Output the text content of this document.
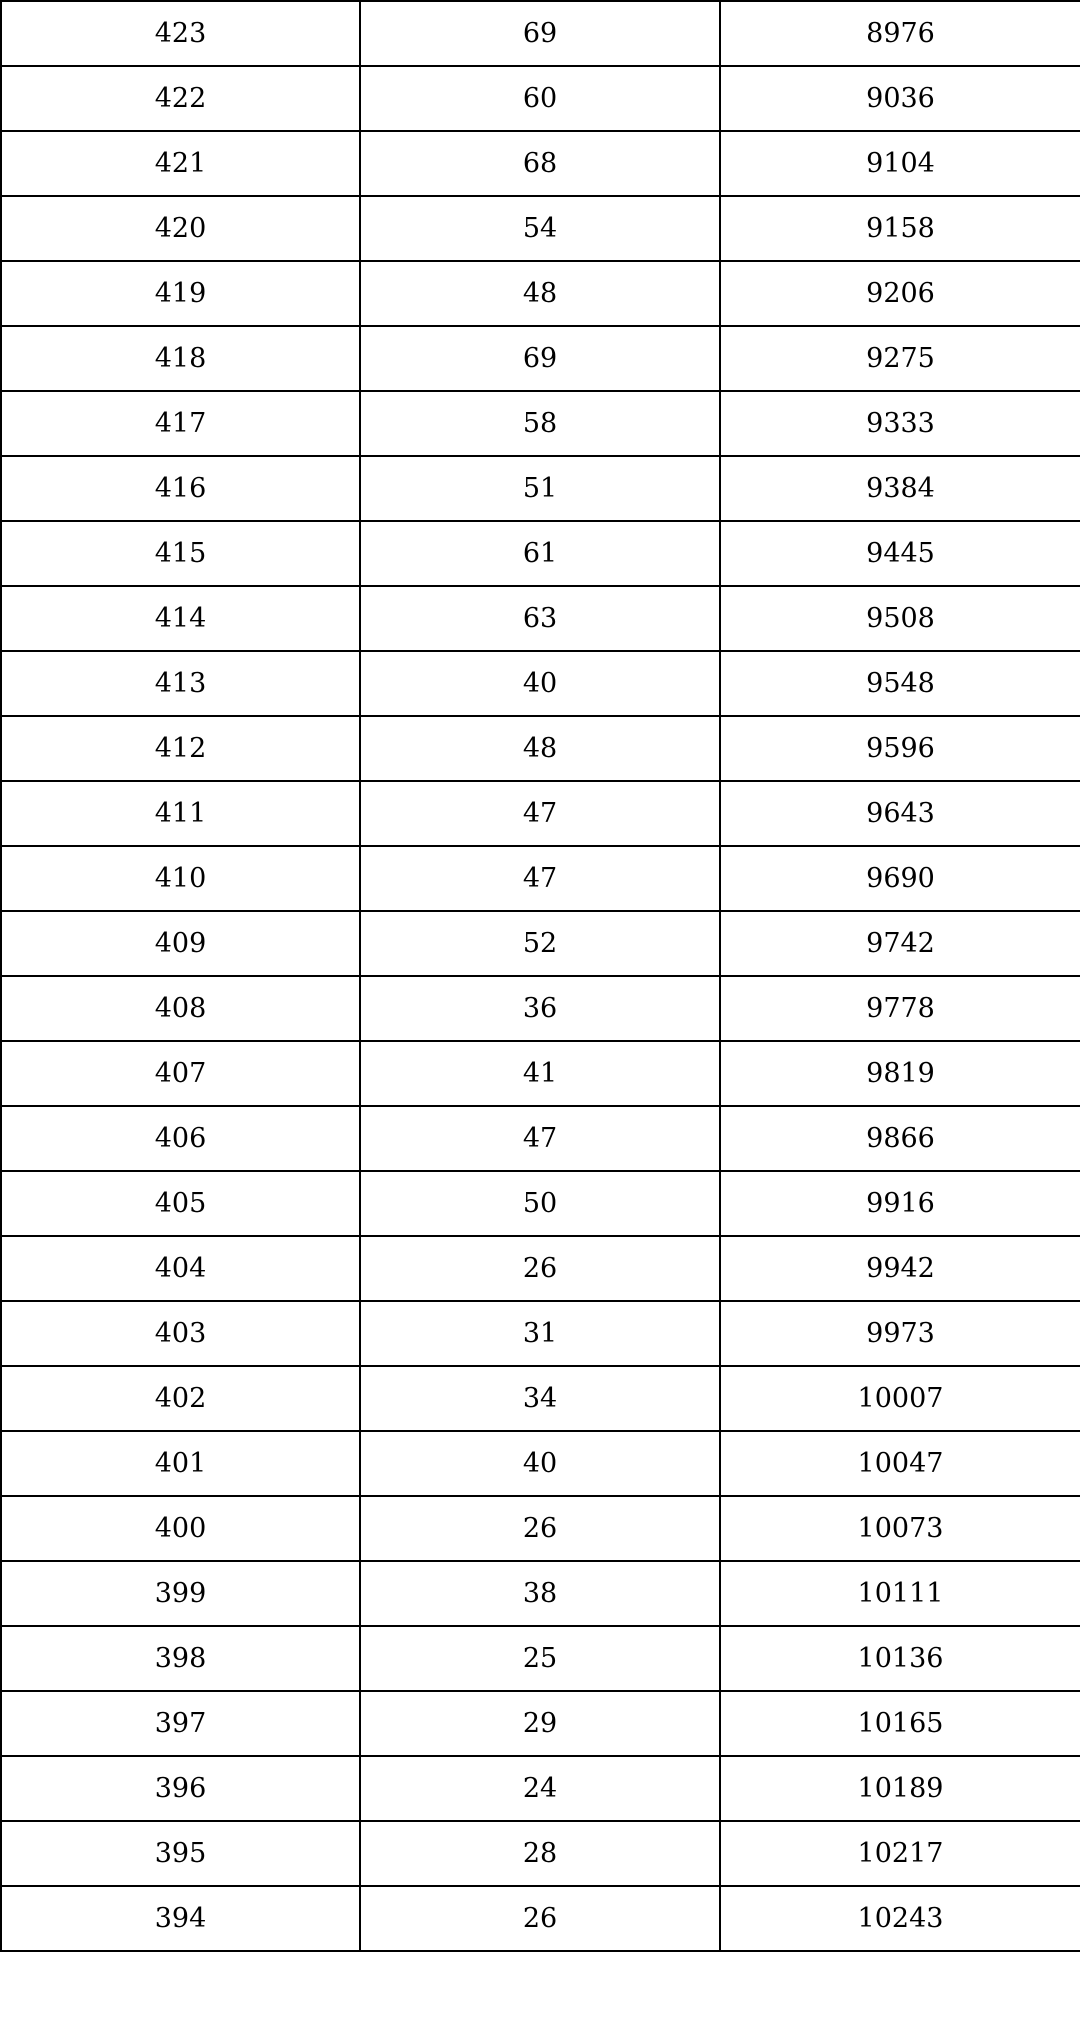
423	69	8976
422	60	9036
421	68	9104
420	54	9158
419	48	9206
418	69	9275
417	58	9333
416	51	9384
415	61	9445
414	63	9508
413	40	9548
412	48	9596
411	47	9643
410	47	9690
409	52	9742
408	36	9778
407	41	9819
406	47	9866
405	50	9916
404	26	9942
403	31	9973
402	34	10007
401	40	10047
400	26	10073
399	38	10111
398	25	10136
397	29	10165
396	24	10189
395	28	10217
394	26	10243
